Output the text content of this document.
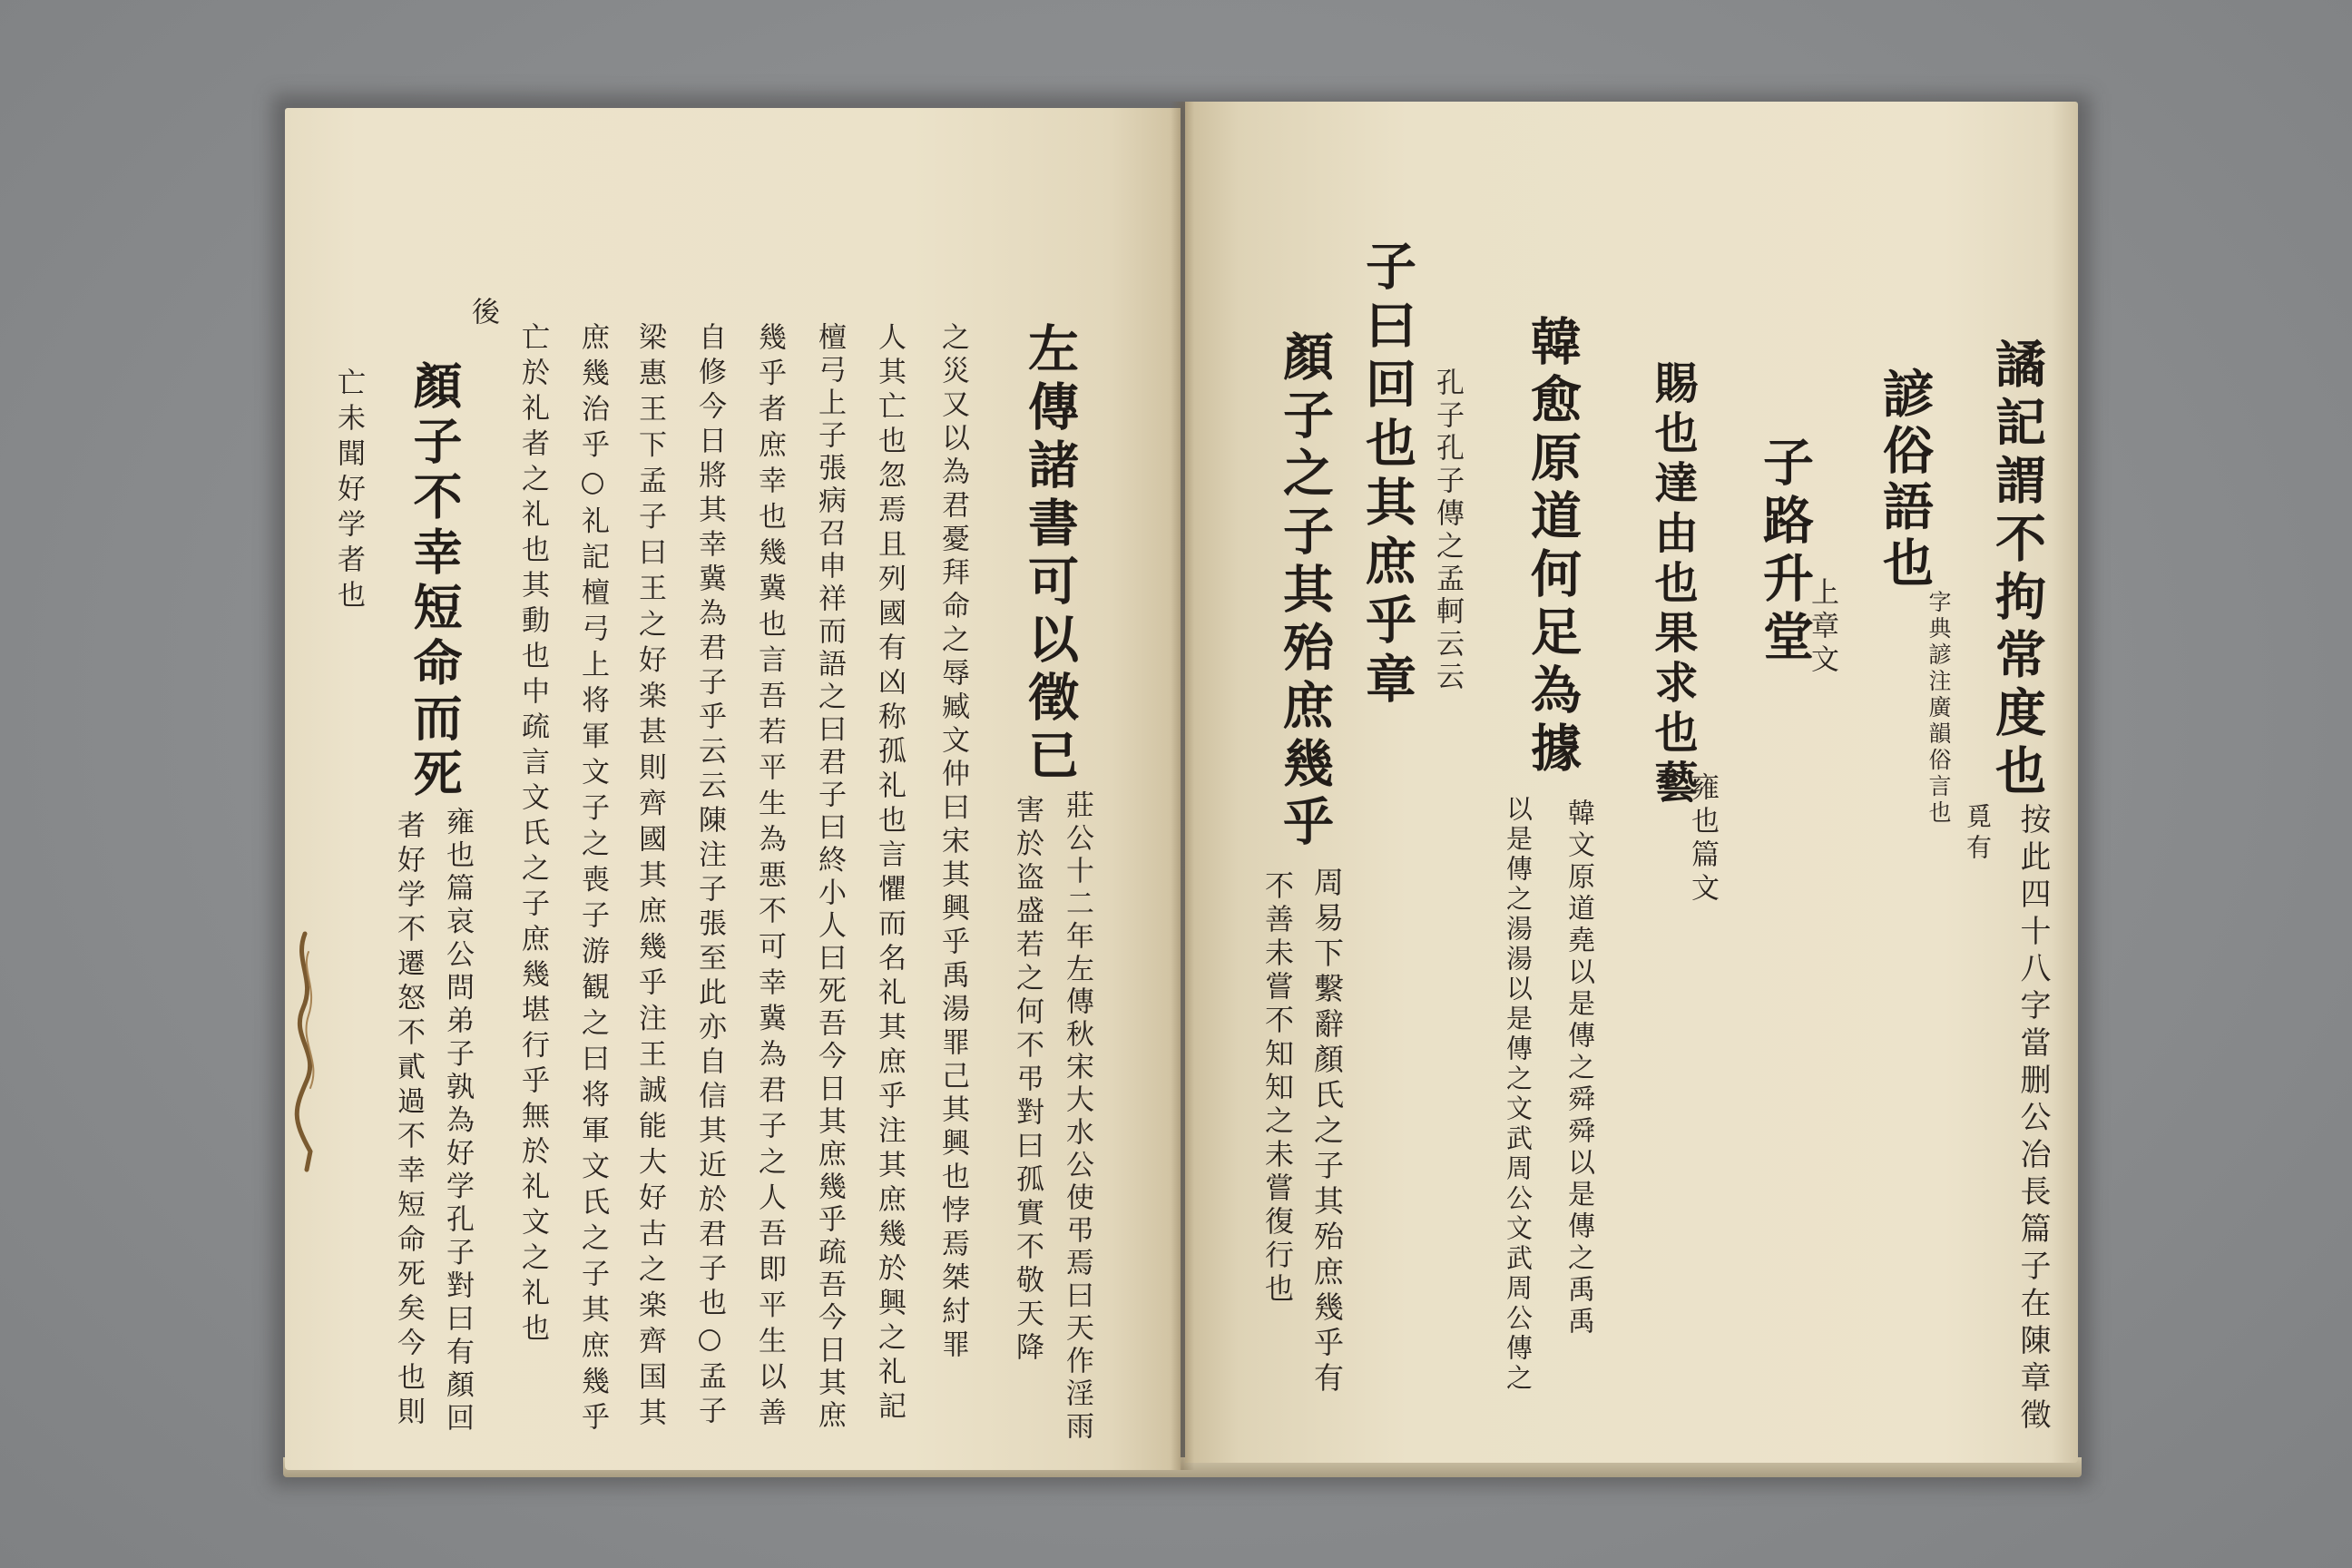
左傳諸書可以徵已
莊公十二年左傳秋宋大水公使弔焉曰天作淫雨
害於盗盛若之何不弔對曰孤實不敬天降
之災又以為君憂拜命之辱臧文仲曰宋其興乎禹湯罪己其興也悖焉桀紂罪
人其亡也忽焉且列國有凶称孤礼也言懼而名礼其庶乎注其庶幾於興之礼記
檀弓上子張病召申祥而語之曰君子曰終小人曰死吾今日其庶幾乎疏吾今日其庶
幾乎者庶幸也幾冀也言吾若平生為悪不可幸冀為君子之人吾即平生以善
自修今日將其幸冀為君子乎云云陳注子張至此亦自信其近於君子也○孟子
梁惠王下孟子曰王之好楽甚則齊國其庶幾乎注王誠能大好古之楽齊国其
庶幾治乎○礼記檀弓上将軍文子之喪子游観之曰将軍文氏之子其庶幾乎
亡於礼者之礼也其動也中疏言文氏之子庶幾堪行乎無於礼文之礼也
後
顏子不幸短命而死
雍也篇哀公問弟子孰為好学孔子對曰有顏回
者好学不遷怒不貳過不幸短命死矣今也則
亡未聞好学者也	譎記謂不拘常度也
覓有 按此四十八字當删公冶長篇子在陳章徵
諺俗語也
字典諺注廣韻俗言也
子路升堂
上章文
賜也達由也果求也藝
雍也篇文
韓愈原道何足為據
韓文原道堯以是傳之舜舜以是傳之禹禹
以是傳之湯湯以是傳之文武周公文武周公傳之
孔子孔子傳之孟軻云云
子曰回也其庶乎章
顏子之子其殆庶幾乎
周易下繫辭顏氏之子其殆庶幾乎有
不善未嘗不知知之未嘗復行也
